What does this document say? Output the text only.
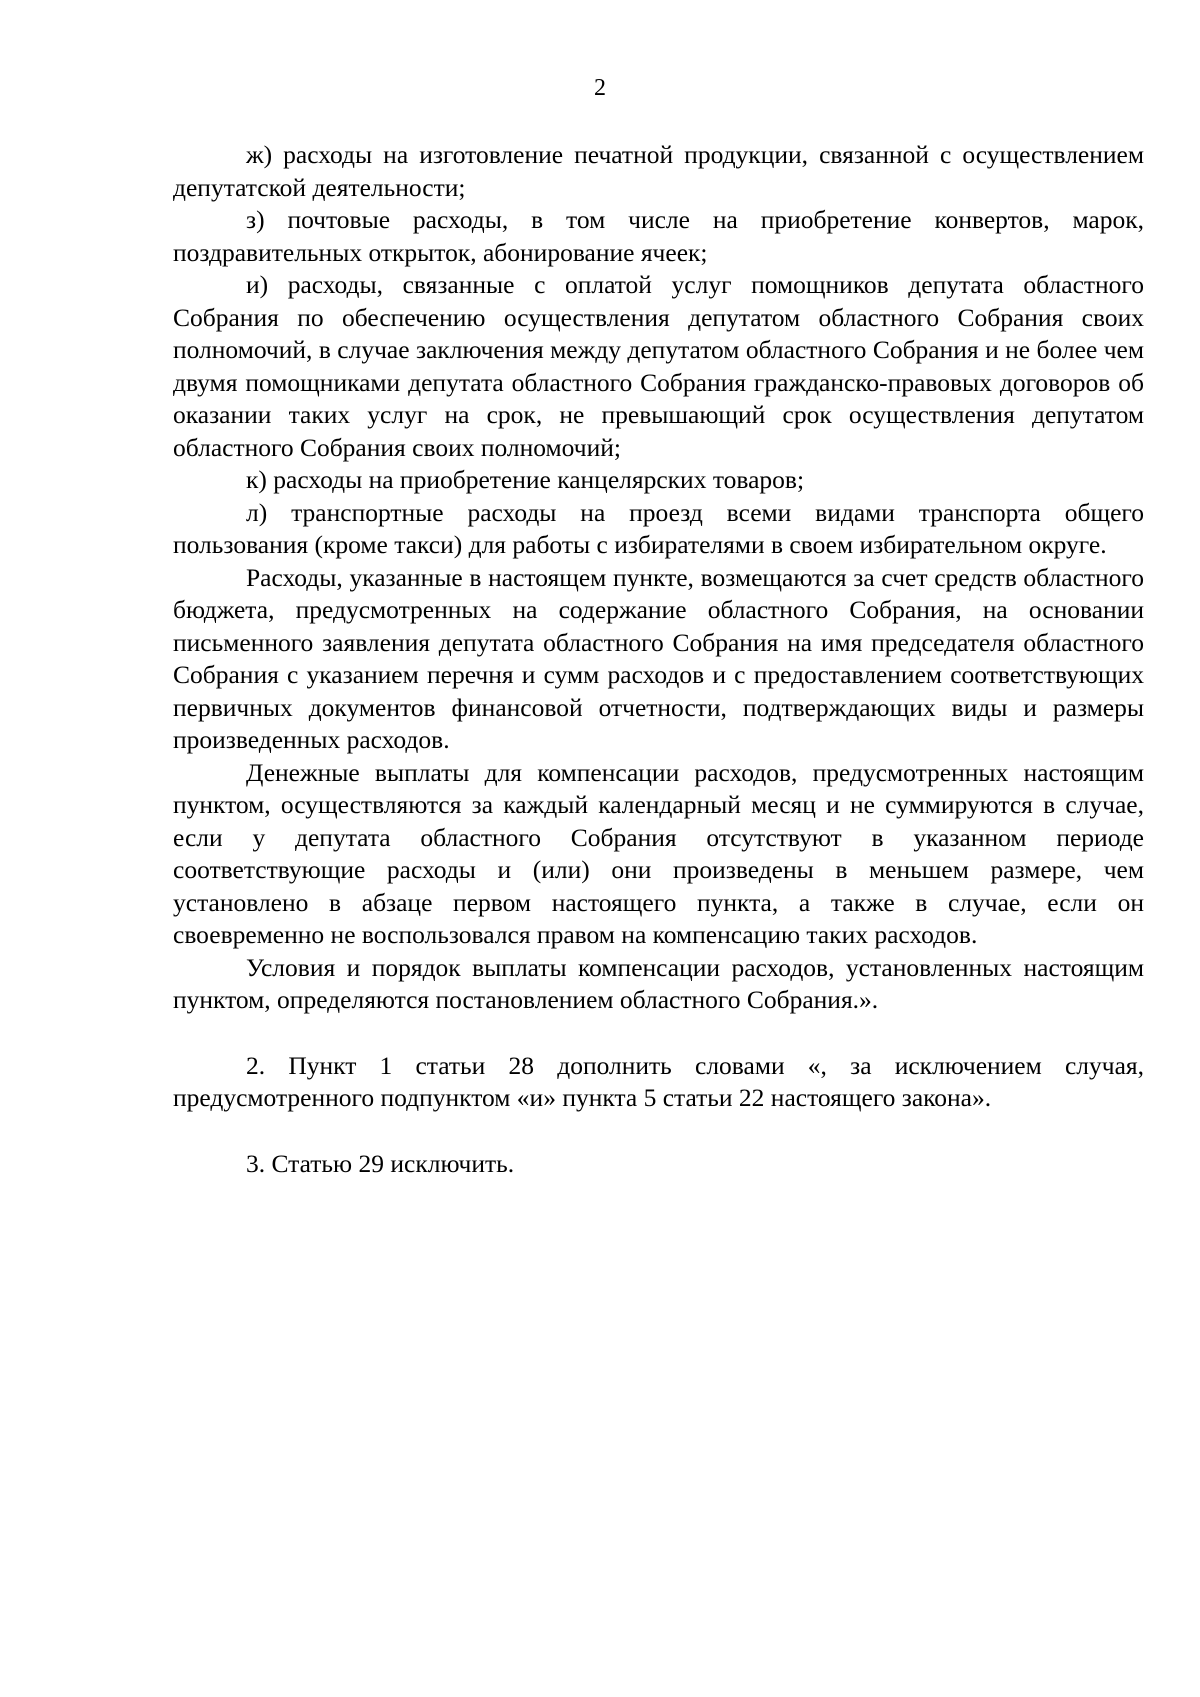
2

ж) расходы на изготовление печатной продукции, связанной с осуществлением депутатской деятельности;

з) почтовые расходы, в том числе на приобретение конвертов, марок, поздравительных открыток, абонирование ячеек;

и) расходы, связанные с оплатой услуг помощников депутата областного Собрания по обеспечению осуществления депутатом областного Собрания своих полномочий, в случае заключения между депутатом областного Собрания и не более чем двумя помощниками депутата областного Собрания гражданско-правовых договоров об оказании таких услуг на срок, не превышающий срок осуществления депутатом областного Собрания своих полномочий;

к) расходы на приобретение канцелярских товаров;

л) транспортные расходы на проезд всеми видами транспорта общего пользования (кроме такси) для работы с избирателями в своем избирательном округе.

Расходы, указанные в настоящем пункте, возмещаются за счет средств областного бюджета, предусмотренных на содержание областного Собрания, на основании письменного заявления депутата областного Собрания на имя председателя областного Собрания с указанием перечня и сумм расходов и с предоставлением соответствующих первичных документов финансовой отчетности, подтверждающих виды и размеры произведенных расходов.

Денежные выплаты для компенсации расходов, предусмотренных настоящим пунктом, осуществляются за каждый календарный месяц и не суммируются в случае, если у депутата областного Собрания отсутствуют в указанном периоде соответствующие расходы и (или) они произведены в меньшем размере, чем установлено в абзаце первом настоящего пункта, а также в случае, если он своевременно не воспользовался правом на компенсацию таких расходов.

Условия и порядок выплаты компенсации расходов, установленных настоящим пунктом, определяются постановлением областного Собрания.».

2. Пункт 1 статьи 28 дополнить словами «, за исключением случая, предусмотренного подпунктом «и» пункта 5 статьи 22 настоящего закона».

3. Статью 29 исключить.
